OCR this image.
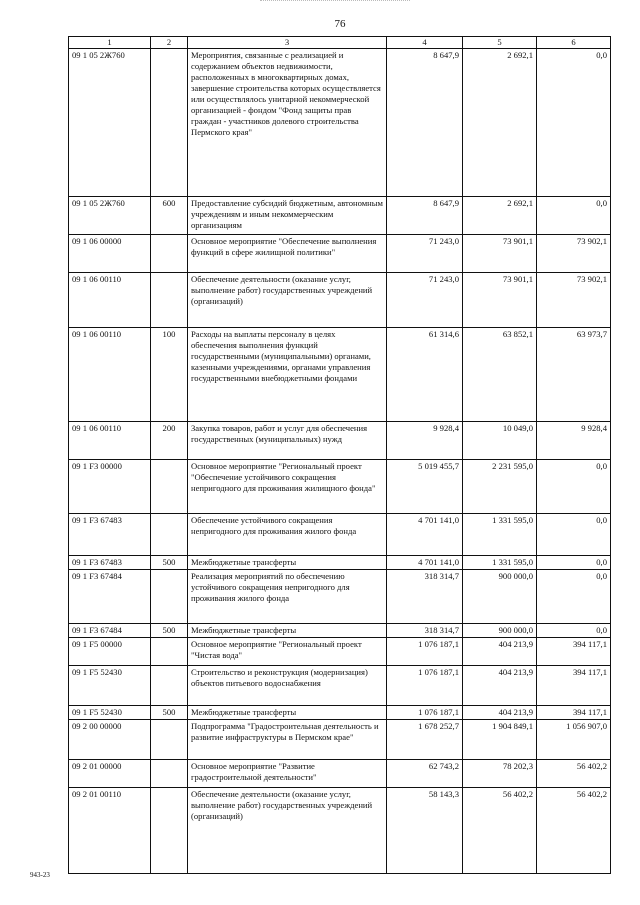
76
1	2	3	4	5	6
09 1 05 2Ж760		Мероприятия, связанные с реализацией и содержанием объектов недвижимости, расположенных в многоквартирных домах, завершение строительства которых осуществляется или осуществлялось унитарной некоммерческой организацией - фондом "Фонд защиты прав граждан - участников долевого строительства Пермского края"	8 647,9	2 692,1	0,0
09 1 05 2Ж760	600	Предоставление субсидий бюджетным, автономным учреждениям и иным некоммерческим организациям	8 647,9	2 692,1	0,0
09 1 06 00000		Основное мероприятие "Обеспечение выполнения функций в сфере жилищной политики"	71 243,0	73 901,1	73 902,1
09 1 06 00110		Обеспечение деятельности (оказание услуг, выполнение работ) государственных учреждений (организаций)	71 243,0	73 901,1	73 902,1
09 1 06 00110	100	Расходы на выплаты персоналу в целях обеспечения выполнения функций государственными (муниципальными) органами, казенными учреждениями, органами управления государственными внебюджетными фондами	61 314,6	63 852,1	63 973,7
09 1 06 00110	200	Закупка товаров, работ и услуг для обеспечения государственных (муниципальных) нужд	9 928,4	10 049,0	9 928,4
09 1 F3 00000		Основное мероприятие "Региональный проект "Обеспечение устойчивого сокращения непригодного для проживания жилищного фонда"	5 019 455,7	2 231 595,0	0,0
09 1 F3 67483		Обеспечение устойчивого сокращения непригодного для проживания жилого фонда	4 701 141,0	1 331 595,0	0,0
09 1 F3 67483	500	Межбюджетные трансферты	4 701 141,0	1 331 595,0	0,0
09 1 F3 67484		Реализация мероприятий по обеспечению устойчивого сокращения непригодного для проживания жилого фонда	318 314,7	900 000,0	0,0
09 1 F3 67484	500	Межбюджетные трансферты	318 314,7	900 000,0	0,0
09 1 F5 00000		Основное мероприятие "Региональный проект "Чистая вода"	1 076 187,1	404 213,9	394 117,1
09 1 F5 52430		Строительство и реконструкция (модернизация) объектов питьевого водоснабжения	1 076 187,1	404 213,9	394 117,1
09 1 F5 52430	500	Межбюджетные трансферты	1 076 187,1	404 213,9	394 117,1
09 2 00 00000		Подпрограмма "Градостроительная деятельность и развитие инфраструктуры в Пермском крае"	1 678 252,7	1 904 849,1	1 056 907,0
09 2 01 00000		Основное мероприятие "Развитие градостроительной деятельности"	62 743,2	78 202,3	56 402,2
09 2 01 00110		Обеспечение деятельности (оказание услуг, выполнение работ) государственных учреждений (организаций)	58 143,3	56 402,2	56 402,2
943-23
